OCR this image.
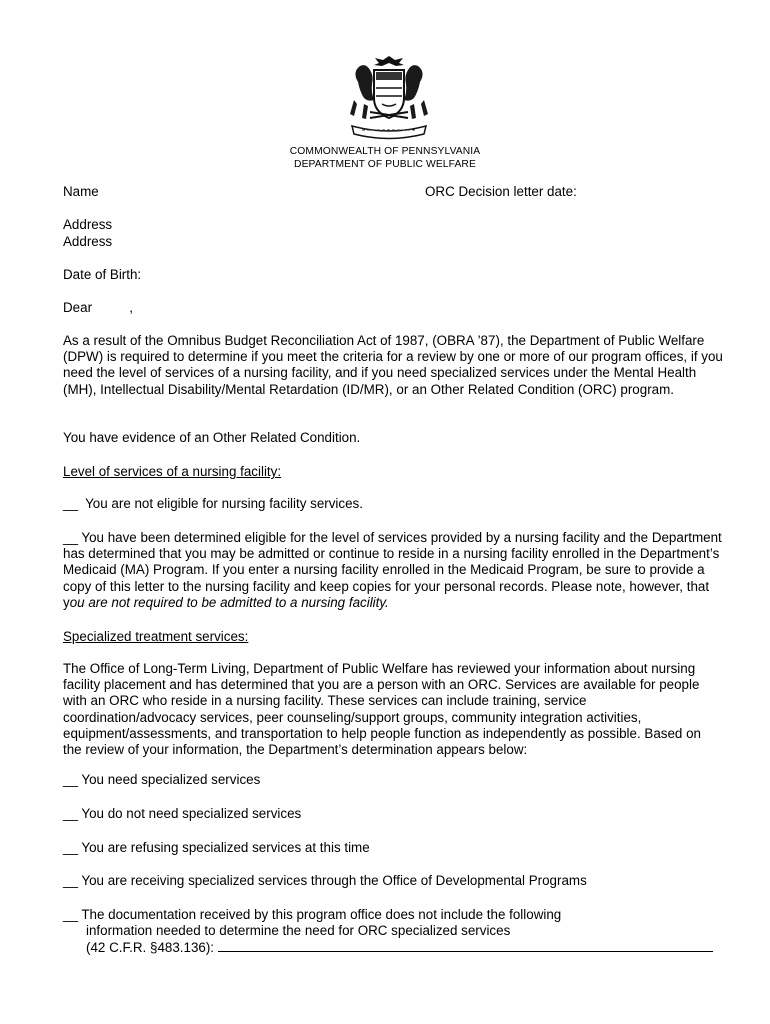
COMMONWEALTH OF PENNSYLVANIA
DEPARTMENT OF PUBLIC WELFARE
Name	ORC Decision letter date:
Address
Address
Date of Birth:
Dear          ,
As a result of the Omnibus Budget Reconciliation Act of 1987, (OBRA ’87), the Department of Public Welfare (DPW) is required to determine if you meet the criteria for a review by one or more of our program offices, if you need the level of services of a nursing facility, and if you need specialized services under the Mental Health (MH), Intellectual Disability/Mental Retardation (ID/MR), or an Other Related Condition (ORC) program.
You have evidence of an Other Related Condition.
Level of services of a nursing facility:
__  You are not eligible for nursing facility services.
__ You have been determined eligible for the level of services provided by a nursing facility and the Department has determined that you may be admitted or continue to reside in a nursing facility enrolled in the Department’s Medicaid (MA) Program. If you enter a nursing facility enrolled in the Medicaid Program, be sure to provide a copy of this letter to the nursing facility and keep copies for your personal records. Please note, however, that you are not required to be admitted to a nursing facility.
Specialized treatment services:
The Office of Long-Term Living, Department of Public Welfare has reviewed your information about nursing facility placement and has determined that you are a person with an ORC. Services are available for people with an ORC who reside in a nursing facility. These services can include training, service coordination/advocacy services, peer counseling/support groups, community integration activities, equipment/assessments, and transportation to help people function as independently as possible. Based on the review of your information, the Department’s determination appears below:
__ You need specialized services
__ You do not need specialized services
__ You are refusing specialized services at this time
__ You are receiving specialized services through the Office of Developmental Programs
__ The documentation received by this program office does not include the following
information needed to determine the need for ORC specialized services
(42 C.F.R. §483.136):
